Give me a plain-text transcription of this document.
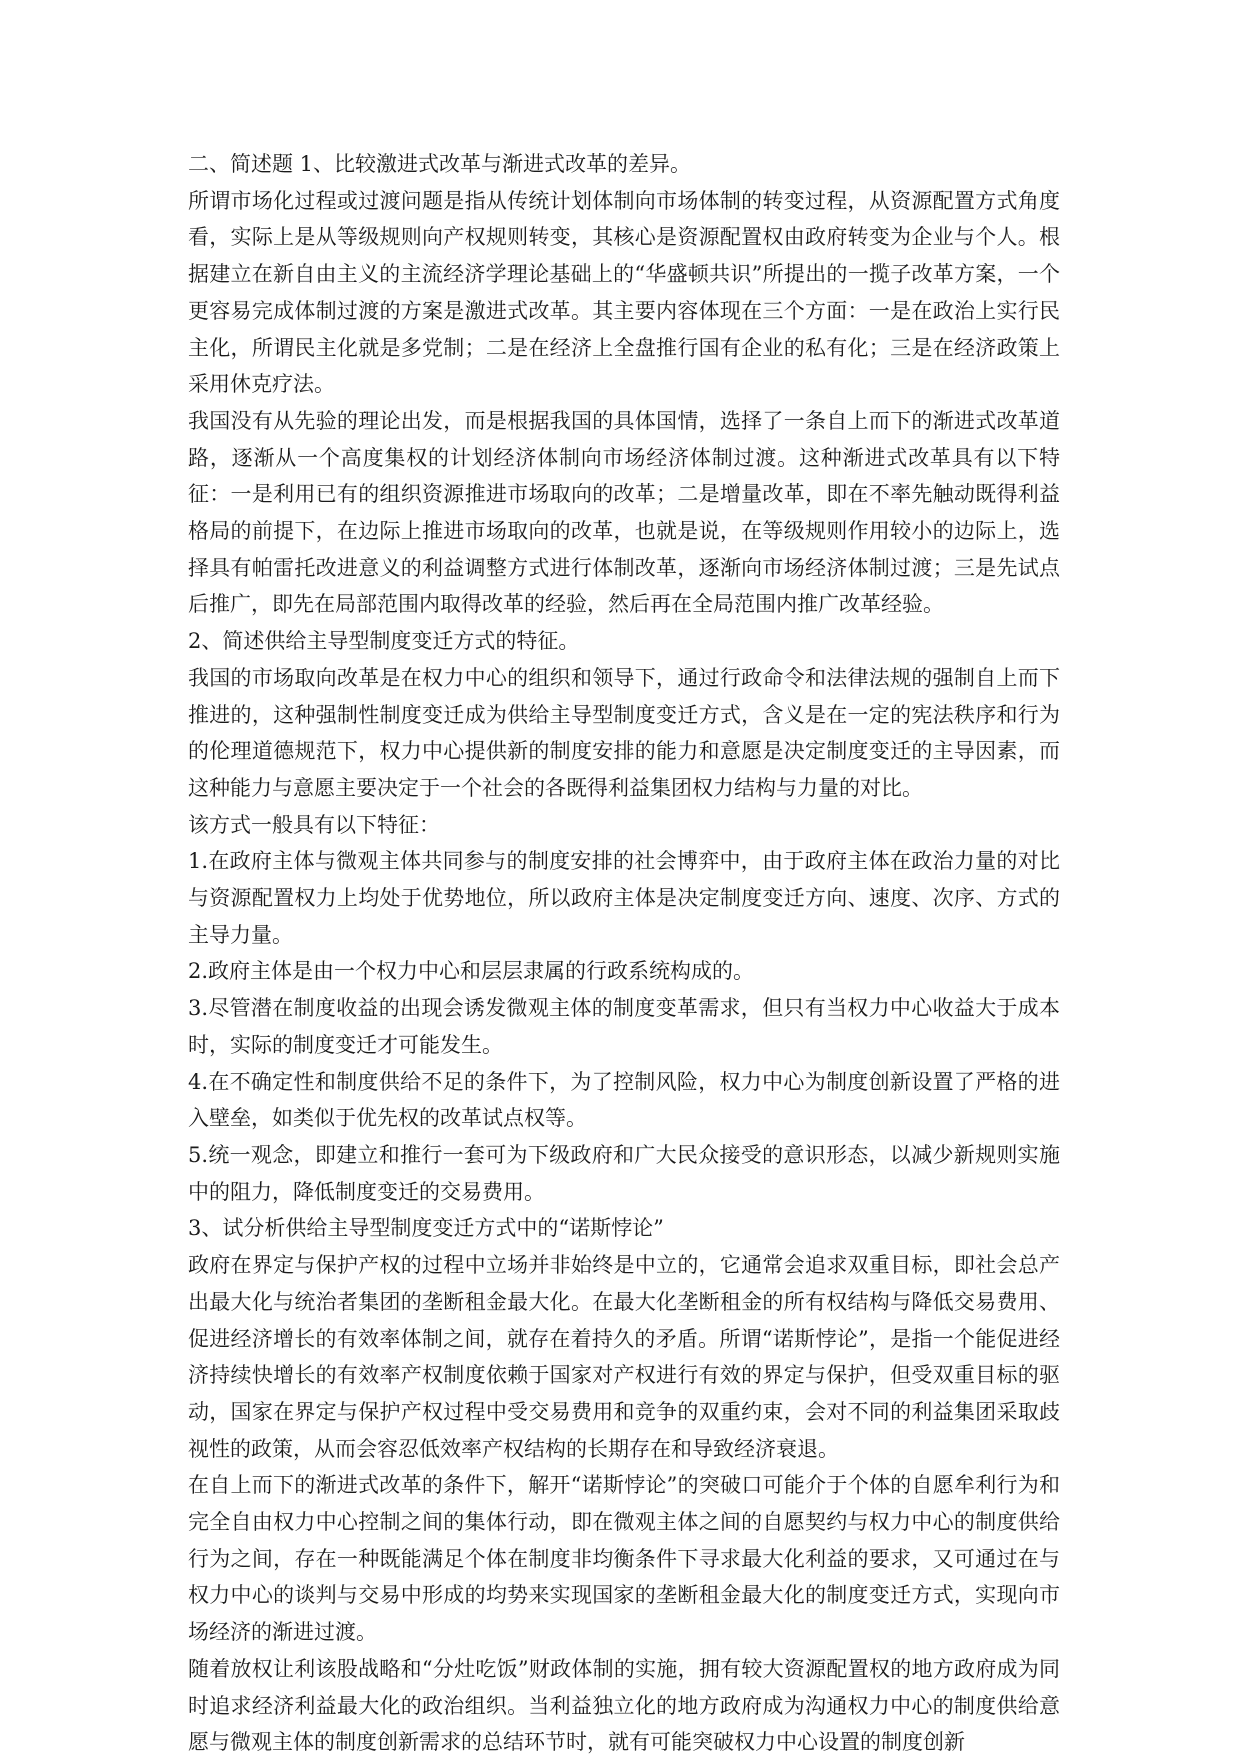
二、简述题 1、比较激进式改革与渐进式改革的差异。

所谓市场化过程或过渡问题是指从传统计划体制向市场体制的转变过程，从资源配置方式角度看，实际上是从等级规则向产权规则转变，其核心是资源配置权由政府转变为企业与个人。根据建立在新自由主义的主流经济学理论基础上的“华盛顿共识”所提出的一揽子改革方案，一个更容易完成体制过渡的方案是激进式改革。其主要内容体现在三个方面：一是在政治上实行民主化，所谓民主化就是多党制；二是在经济上全盘推行国有企业的私有化；三是在经济政策上采用休克疗法。

我国没有从先验的理论出发，而是根据我国的具体国情，选择了一条自上而下的渐进式改革道路，逐渐从一个高度集权的计划经济体制向市场经济体制过渡。这种渐进式改革具有以下特征：一是利用已有的组织资源推进市场取向的改革；二是增量改革，即在不率先触动既得利益格局的前提下，在边际上推进市场取向的改革，也就是说，在等级规则作用较小的边际上，选择具有帕雷托改进意义的利益调整方式进行体制改革，逐渐向市场经济体制过渡；三是先试点后推广，即先在局部范围内取得改革的经验，然后再在全局范围内推广改革经验。

2、简述供给主导型制度变迁方式的特征。

我国的市场取向改革是在权力中心的组织和领导下，通过行政命令和法律法规的强制自上而下推进的，这种强制性制度变迁成为供给主导型制度变迁方式，含义是在一定的宪法秩序和行为的伦理道德规范下，权力中心提供新的制度安排的能力和意愿是决定制度变迁的主导因素，而这种能力与意愿主要决定于一个社会的各既得利益集团权力结构与力量的对比。

该方式一般具有以下特征：

1.在政府主体与微观主体共同参与的制度安排的社会博弈中，由于政府主体在政治力量的对比与资源配置权力上均处于优势地位，所以政府主体是决定制度变迁方向、速度、次序、方式的主导力量。

2.政府主体是由一个权力中心和层层隶属的行政系统构成的。

3.尽管潜在制度收益的出现会诱发微观主体的制度变革需求，但只有当权力中心收益大于成本时，实际的制度变迁才可能发生。

4.在不确定性和制度供给不足的条件下，为了控制风险，权力中心为制度创新设置了严格的进入壁垒，如类似于优先权的改革试点权等。

5.统一观念，即建立和推行一套可为下级政府和广大民众接受的意识形态，以减少新规则实施中的阻力，降低制度变迁的交易费用。

3、试分析供给主导型制度变迁方式中的“诺斯悖论”

政府在界定与保护产权的过程中立场并非始终是中立的，它通常会追求双重目标，即社会总产出最大化与统治者集团的垄断租金最大化。在最大化垄断租金的所有权结构与降低交易费用、促进经济增长的有效率体制之间，就存在着持久的矛盾。所谓“诺斯悖论”，是指一个能促进经济持续快增长的有效率产权制度依赖于国家对产权进行有效的界定与保护，但受双重目标的驱动，国家在界定与保护产权过程中受交易费用和竞争的双重约束，会对不同的利益集团采取歧视性的政策，从而会容忍低效率产权结构的长期存在和导致经济衰退。

在自上而下的渐进式改革的条件下，解开“诺斯悖论”的突破口可能介于个体的自愿牟利行为和完全自由权力中心控制之间的集体行动，即在微观主体之间的自愿契约与权力中心的制度供给行为之间，存在一种既能满足个体在制度非均衡条件下寻求最大化利益的要求，又可通过在与权力中心的谈判与交易中形成的均势来实现国家的垄断租金最大化的制度变迁方式，实现向市场经济的渐进过渡。

随着放权让利该股战略和“分灶吃饭”财政体制的实施，拥有较大资源配置权的地方政府成为同时追求经济利益最大化的政治组织。当利益独立化的地方政府成为沟通权力中心的制度供给意愿与微观主体的制度创新需求的总结环节时，就有可能突破权力中心设置的制度创新
